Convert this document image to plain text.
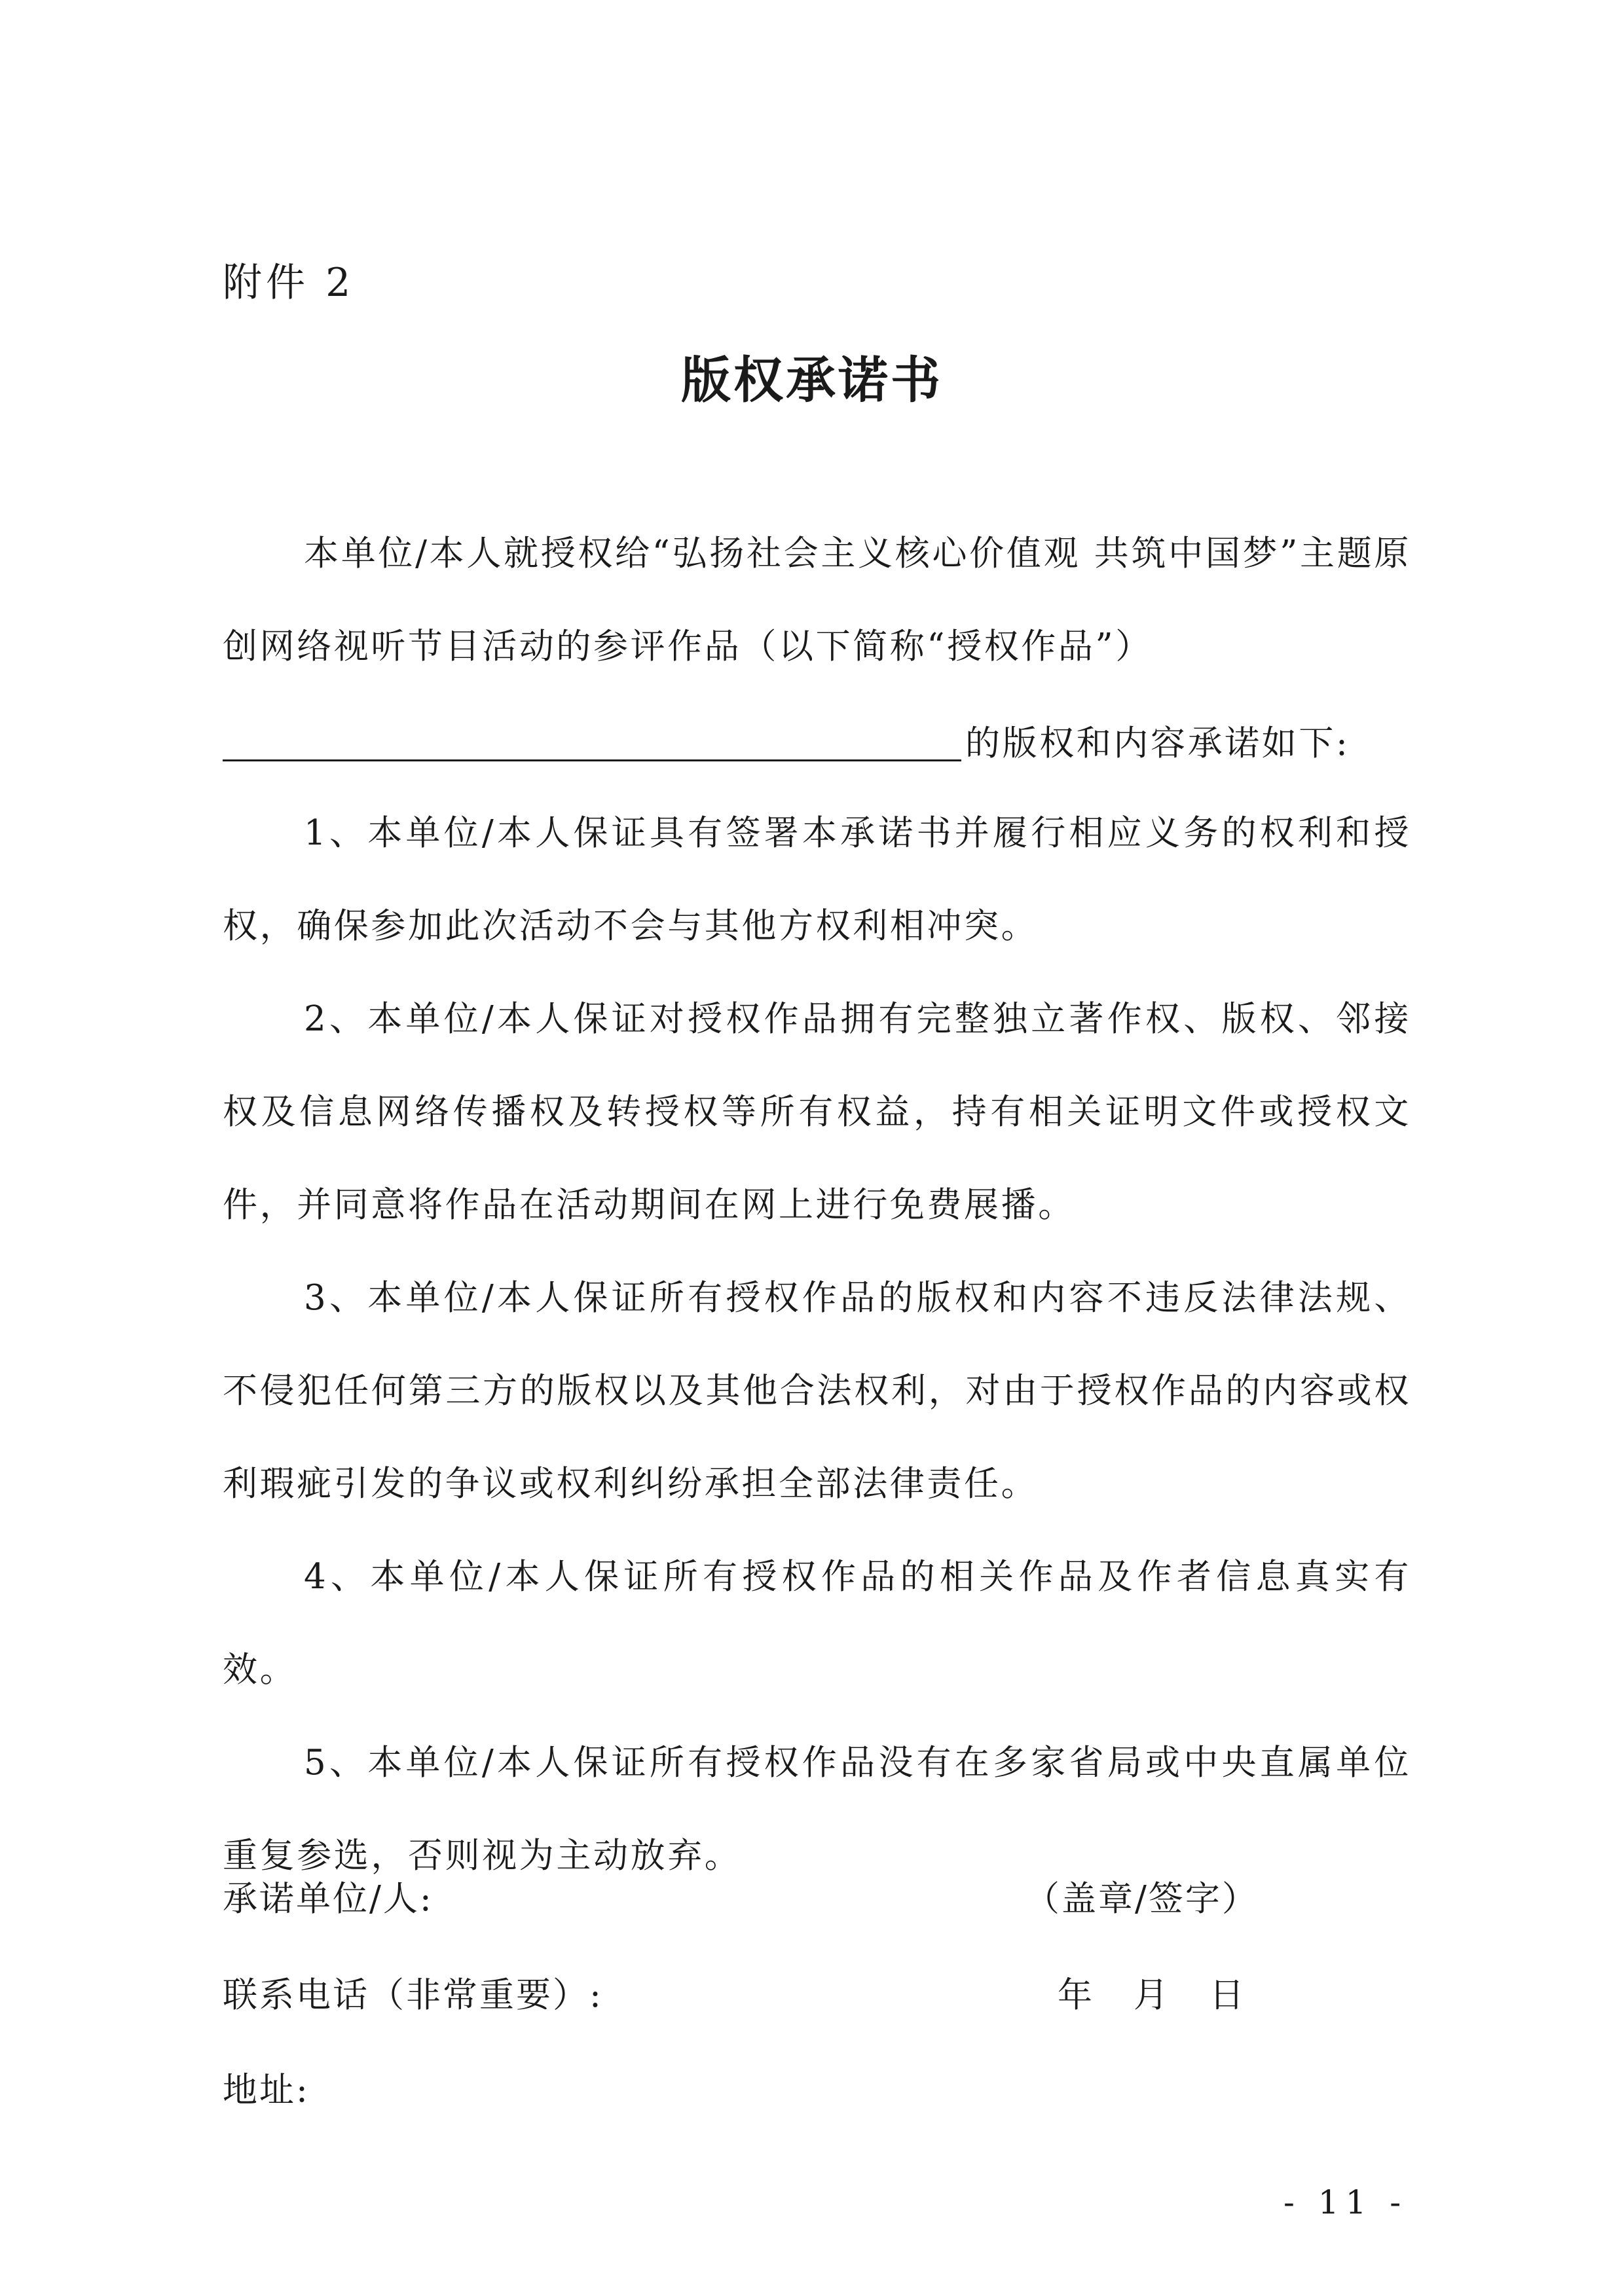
附件 2
版权承诺书
本单位/本人就授权给“弘扬社会主义核心价值观 共筑中国梦”主题原创网络视听节目活动的参评作品（以下简称“授权作品”）
的版权和内容承诺如下:
1、本单位/本人保证具有签署本承诺书并履行相应义务的权利和授权，确保参加此次活动不会与其他方权利相冲突。
2、本单位/本人保证对授权作品拥有完整独立著作权、版权、邻接权及信息网络传播权及转授权等所有权益，持有相关证明文件或授权文件，并同意将作品在活动期间在网上进行免费展播。
3、本单位/本人保证所有授权作品的版权和内容不违反法律法规、不侵犯任何第三方的版权以及其他合法权利，对由于授权作品的内容或权利瑕疵引发的争议或权利纠纷承担全部法律责任。
4、本单位/本人保证所有授权作品的相关作品及作者信息真实有效。
5、本单位/本人保证所有授权作品没有在多家省局或中央直属单位重复参选，否则视为主动放弃。
承诺单位/人:	（盖章/签字）
联系电话（非常重要）:	年 月 日
地址:
- 11 -
